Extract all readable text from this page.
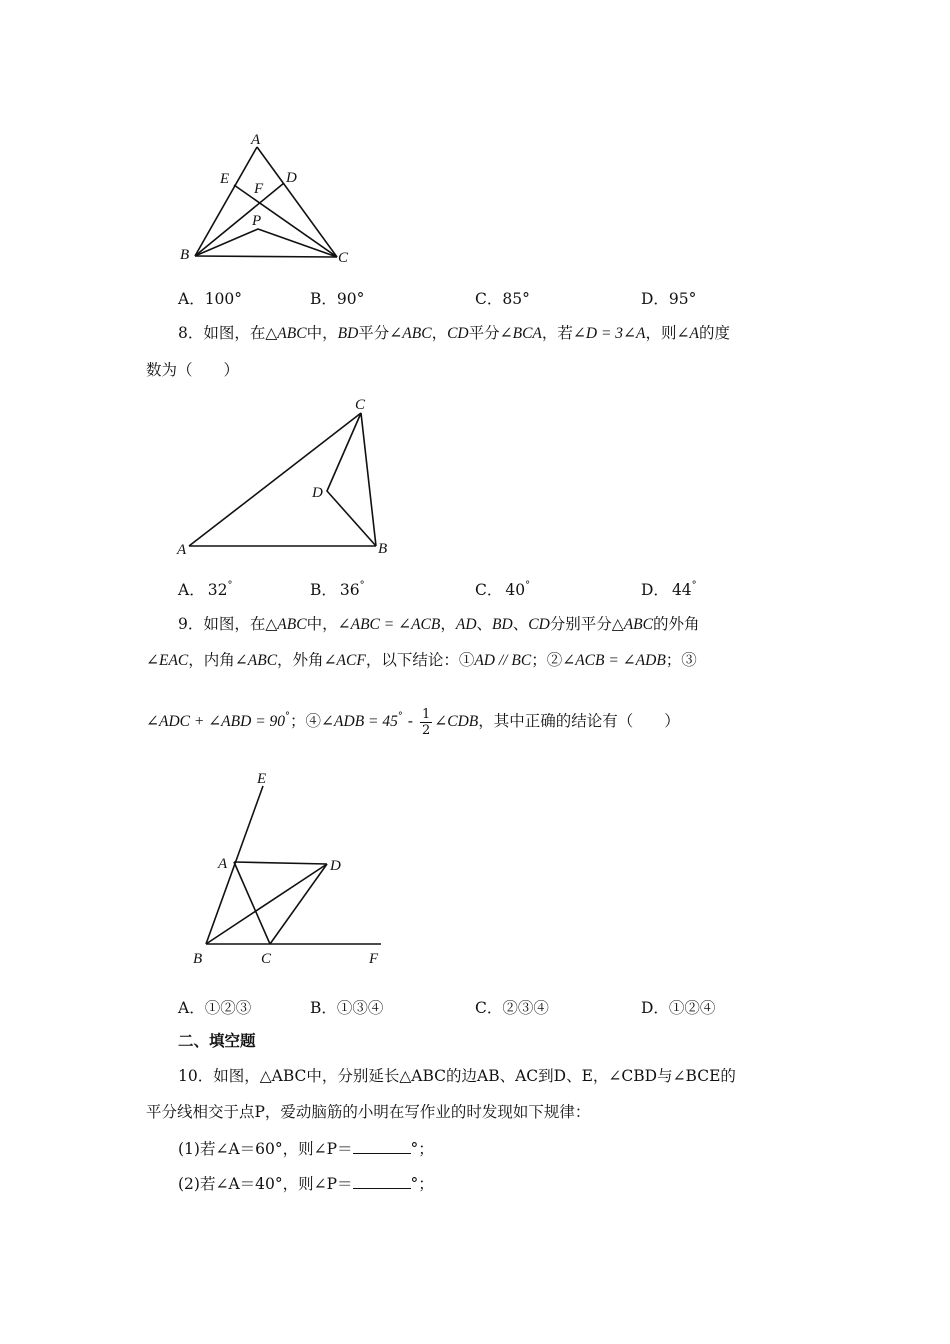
A
E
F
D
P
B	C
A．100°	B．90°	C．85°	D．95°
8．如图，在△ABC中，BD平分∠ABC，CD平分∠BCA，若∠D = 3∠A，则∠A的度
数为（　　）
C
D
A	B
A． 32°	B． 36°	C． 40°	D． 44°
9．如图，在△ABC中，∠ABC = ∠ACB，AD、BD、CD分别平分△ABC的外角
∠EAC，内角∠ABC，外角∠ACF，以下结论：①AD // BC；②∠ACB = ∠ADB；③
∠ADC + ∠ABD = 90°；④∠ADB = $45^\circ - \frac{1}{2}$ ∠CDB，其中正确的结论有（　　）
E
A	D
B	C	F
A．①②③	B．①③④	C．②③④	D．①②④
二、填空题
10．如图，△ABC中，分别延长△ABC的边AB、AC到D、E，∠CBD与∠BCE的
平分线相交于点P，爱动脑筋的小明在写作业的时发现如下规律：
(1)若∠A＝60°，则∠P＝	°；
(2)若∠A＝40°，则∠P＝	°；
